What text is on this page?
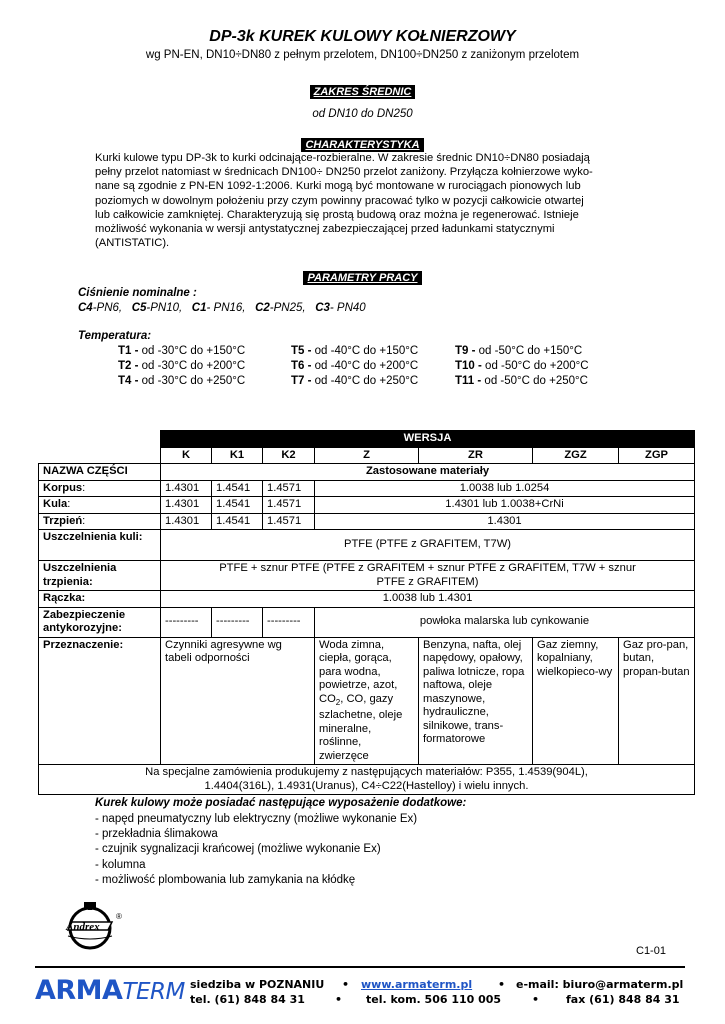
DP-3k KUREK KULOWY KOŁNIERZOWY
wg PN-EN, DN10÷DN80 z pełnym przelotem, DN100÷DN250 z zaniżonym przelotem
ZAKRES ŚREDNIC
od DN10 do DN250
CHARAKTERYSTYKA
Kurki kulowe typu DP-3k to kurki odcinające-rozbieralne. W zakresie średnic DN10÷DN80 posiadają
pełny przelot natomiast w średnicach DN100÷ DN250 przelot zaniżony. Przyłącza kołnierzowe wyko-
nane są zgodnie z PN-EN 1092-1:2006. Kurki mogą być montowane w rurociągach pionowych lub
poziomych w dowolnym położeniu przy czym powinny pracować tylko w pozycji całkowicie otwartej
lub całkowicie zamkniętej. Charakteryzują się prostą budową oraz można je regenerować. Istnieje
możliwość wykonania w wersji antystatycznej zabezpieczającej przed ładunkami statycznymi
(ANTISTATIC).
PARAMETRY PRACY
Ciśnienie nominalne :
C4-PN6, C5-PN10, C1- PN16, C2-PN25, C3- PN40
Temperatura:
T1 - od -30°C do +150°C
T2 - od -30°C do +200°C
T4 - od -30°C do +250°C
T5 - od -40°C do +150°C
T6 - od -40°C do +200°C
T7 - od -40°C do +250°C
T9 - od -50°C do +150°C
T10 - od -50°C do +200°C
T11 - od -50°C do +250°C
	WERSJA						
	K	K1	K2	Z	ZR	ZGZ	ZGP
NAZWA CZĘŚCI	Zastosowane materiały						
Korpus:	1.4301	1.4541	1.4571	1.0038 lub 1.0254			
Kula:	1.4301	1.4541	1.4571	1.4301 lub 1.0038+CrNi			
Trzpień:	1.4301	1.4541	1.4571	1.4301			
Uszczelnienia kuli:	PTFE (PTFE z GRAFITEM, T7W)						
Uszczelnienia trzpienia:	PTFE + sznur PTFE (PTFE z GRAFITEM + sznur PTFE z GRAFITEM, T7W + sznur PTFE z GRAFITEM)						
Rączka:	1.0038 lub 1.4301						
Zabezpieczenie antykorozyjne:	---------	---------	---------	powłoka malarska lub cynkowanie			
Przeznaczenie:	Czynniki agresywne wg tabeli odporności			Woda zimna, ciepła, gorąca, para wodna, powietrze, azot, $CO_2$, CO, gazy szlachetne, oleje mineralne, roślinne, zwierzęce	Benzyna, nafta, olej napędowy, opałowy, paliwa lotnicze, ropa naftowa, oleje maszynowe, hydrauliczne, silnikowe, trans-formatorowe	Gaz ziemny, kopalniany, wielkopieco-wy	Gaz pro-pan, butan, propan-butan
Na specjalne zamówienia produkujemy z następujących materiałów: P355, 1.4539(904L), 1.4404(316L), 1.4931(Uranus), C4÷C22(Hastelloy) i wielu innych.							
Kurek kulowy może posiadać następujące wyposażenie dodatkowe:
- napęd pneumatyczny lub elektryczny (możliwe wykonanie Ex)
- przekładnia ślimakowa
- czujnik sygnalizacji krańcowej (możliwe wykonanie Ex)
- kolumna
- możliwość plombowania lub zamykania na kłódkę
Andrex
®
C1-01
ARMATERM siedziba w POZNANIU • www.armaterm.pl • e-mail: biuro@armaterm.pl
tel. (61) 848 84 31	• tel. kom. 506 110 005	• fax (61) 848 84 31
